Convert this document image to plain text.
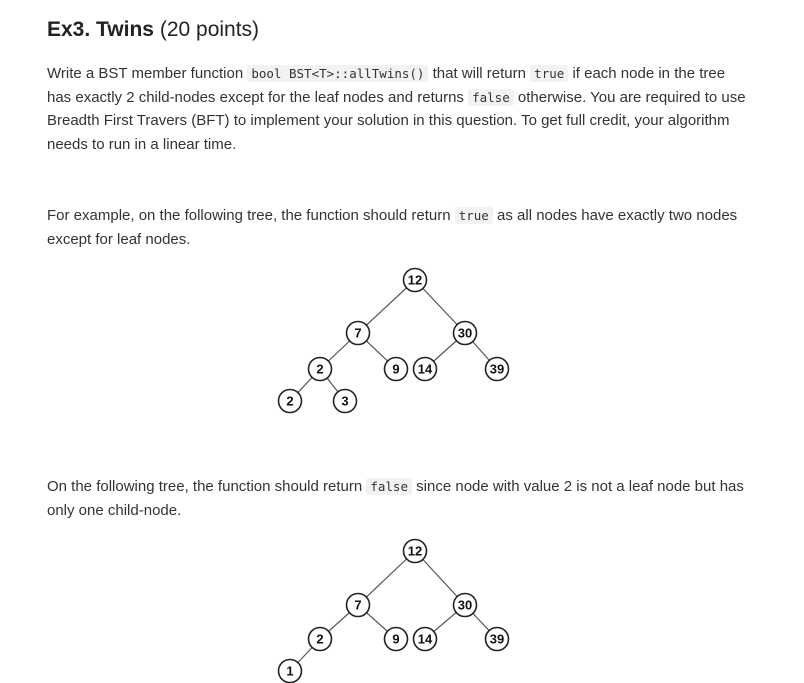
Ex3. Twins (20 points)

Write a BST member function bool BST<T>::allTwins() that will return true if each node in the tree has exactly 2 child-nodes except for the leaf nodes and returns false otherwise. You are required to use Breadth First Travers (BFT) to implement your solution in this question. To get full credit, your algorithm needs to run in a linear time.

For example, on the following tree, the function should return true as all nodes have exactly two nodes except for leaf nodes.

On the following tree, the function should return false since node with value 2 is not a leaf node but has only one child-node.

12
7	30
2	9 14	39
2	3
12
7	30
2	9 14	39
1
